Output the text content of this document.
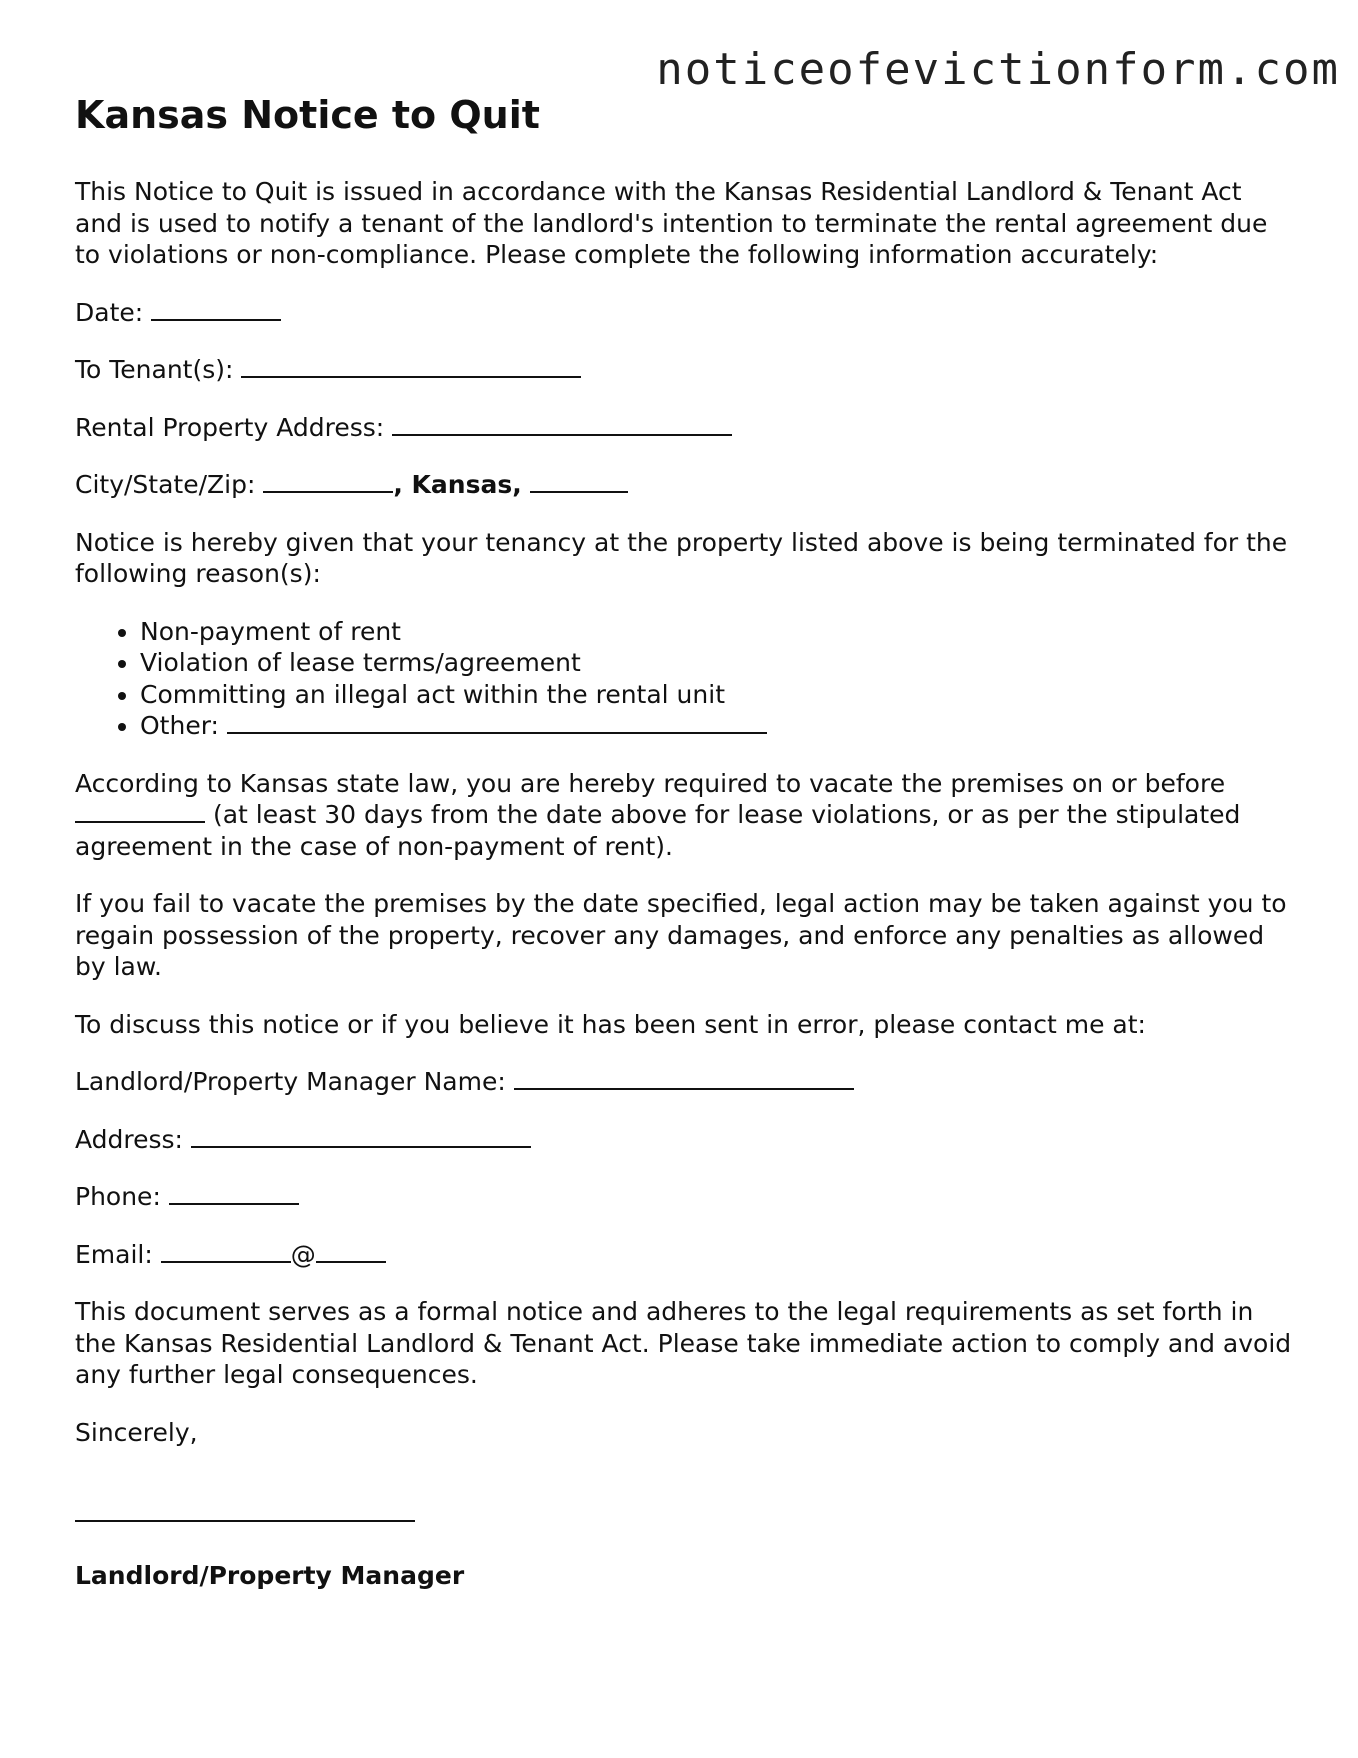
noticeofevictionform.com
Kansas Notice to Quit

This Notice to Quit is issued in accordance with the Kansas Residential Landlord & Tenant Act and is used to notify a tenant of the landlord's intention to terminate the rental agreement due to violations or non-compliance. Please complete the following information accurately:

Date:

To Tenant(s):

Rental Property Address:

City/State/Zip:	, Kansas,

Notice is hereby given that your tenancy at the property listed above is being terminated for the following reason(s):

• Non-payment of rent
• Violation of lease terms/agreement
• Committing an illegal act within the rental unit
• Other:

According to Kansas state law, you are hereby required to vacate the premises on or before  (at least 30 days from the date above for lease violations, or as per the stipulated agreement in the case of non-payment of rent).

If you fail to vacate the premises by the date specified, legal action may be taken against you to regain possession of the property, recover any damages, and enforce any penalties as allowed by law.

To discuss this notice or if you believe it has been sent in error, please contact me at:

Landlord/Property Manager Name:

Address:

Phone:

Email:	@

This document serves as a formal notice and adheres to the legal requirements as set forth in the Kansas Residential Landlord & Tenant Act. Please take immediate action to comply and avoid any further legal consequences.

Sincerely,

Landlord/Property Manager
